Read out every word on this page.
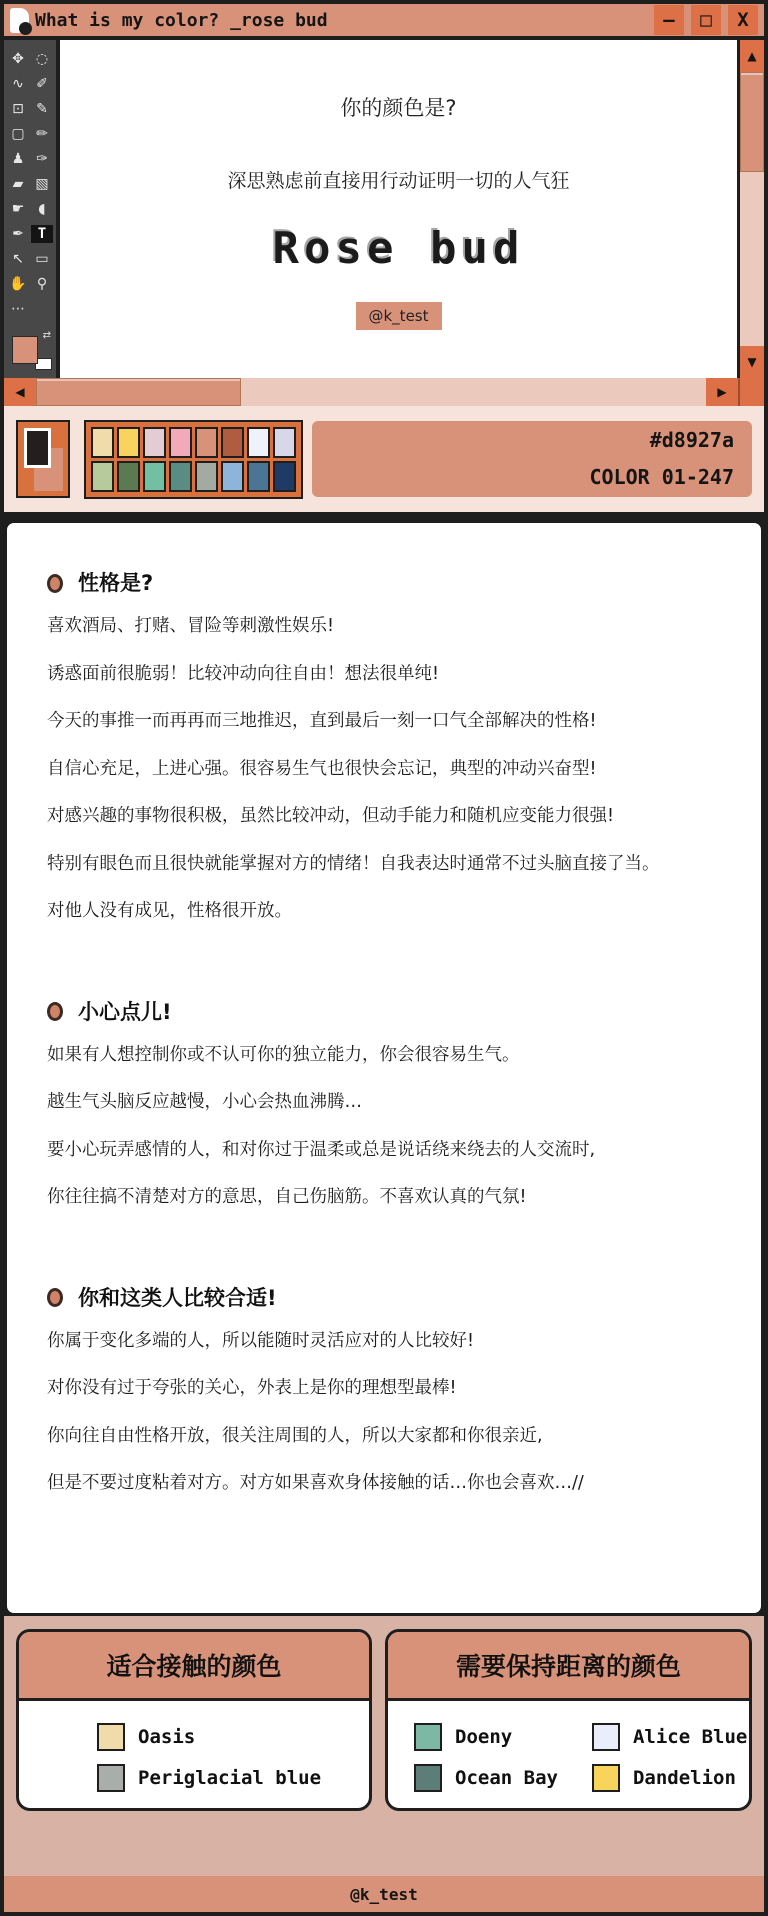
What is my color? _rose bud	—	□	X
✥ ◌
∿ ✐
⊡ ✎
▢ ✏
♟ ✑
▰ ▧
☛	◖
✒ T
↖ ▭
✋ ⚲
⋯
⇄
你的颜色是?
深思熟虑前直接用行动证明一切的人气狂
Rose bud
@k_test
▲
▼
◀	▶
#d8927a
COLOR 01-247
性格是?

喜欢酒局、打赌、冒险等刺激性娱乐!

诱惑面前很脆弱！比较冲动向往自由！想法很单纯!

今天的事推一而再再而三地推迟，直到最后一刻一口气全部解决的性格!

自信心充足，上进心强。很容易生气也很快会忘记，典型的冲动兴奋型!

对感兴趣的事物很积极，虽然比较冲动，但动手能力和随机应变能力很强!

特别有眼色而且很快就能掌握对方的情绪！自我表达时通常不过头脑直接了当。

对他人没有成见，性格很开放。

小心点儿!

如果有人想控制你或不认可你的独立能力，你会很容易生气。

越生气头脑反应越慢，小心会热血沸腾…

要小心玩弄感情的人，和对你过于温柔或总是说话绕来绕去的人交流时,

你往往搞不清楚对方的意思，自己伤脑筋。不喜欢认真的气氛!

你和这类人比较合适!

你属于变化多端的人，所以能随时灵活应对的人比较好!

对你没有过于夸张的关心，外表上是你的理想型最棒!

你向往自由性格开放，很关注周围的人，所以大家都和你很亲近,

但是不要过度粘着对方。对方如果喜欢身体接触的话…你也会喜欢…//

适合接触的颜色
Oasis
Periglacial blue
需要保持距离的颜色
Doeny	Alice Blue
Ocean Bay	Dandelion
@k_test
